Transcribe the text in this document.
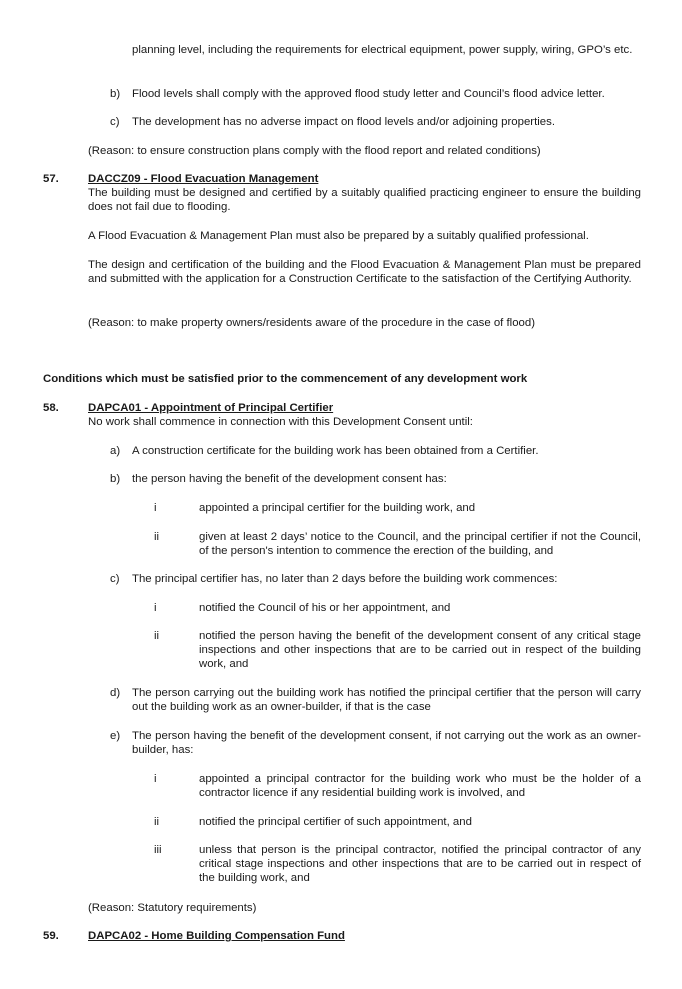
planning level, including the requirements for electrical equipment, power supply, wiring, GPO’s etc.

b) Flood levels shall comply with the approved flood study letter and Council’s flood advice letter.

c) The development has no adverse impact on flood levels and/or adjoining properties.

(Reason: to ensure construction plans comply with the flood report and related conditions)

57.	DACCZ09 - Flood Evacuation Management

The building must be designed and certified by a suitably qualified practicing engineer to ensure the building does not fail due to flooding.

A Flood Evacuation & Management Plan must also be prepared by a suitably qualified professional.

The design and certification of the building and the Flood Evacuation & Management Plan must be prepared and submitted with the application for a Construction Certificate to the satisfaction of the Certifying Authority.

(Reason: to make property owners/residents aware of the procedure in the case of flood)

Conditions which must be satisfied prior to the commencement of any development work

58.	DAPCA01 - Appointment of Principal Certifier

No work shall commence in connection with this Development Consent until:

a) A construction certificate for the building work has been obtained from a Certifier.

b) the person having the benefit of the development consent has:

i	appointed a principal certifier for the building work, and

ii	given at least 2 days’ notice to the Council, and the principal certifier if not the Council, of the person's intention to commence the erection of the building, and

c) The principal certifier has, no later than 2 days before the building work commences:

i	notified the Council of his or her appointment, and

ii	notified the person having the benefit of the development consent of any critical stage inspections and other inspections that are to be carried out in respect of the building work, and

d) The person carrying out the building work has notified the principal certifier that the person will carry out the building work as an owner-builder, if that is the case

e) The person having the benefit of the development consent, if not carrying out the work as an owner-builder, has:

i	appointed a principal contractor for the building work who must be the holder of a contractor licence if any residential building work is involved, and

ii	notified the principal certifier of such appointment, and

iii	unless that person is the principal contractor, notified the principal contractor of any critical stage inspections and other inspections that are to be carried out in respect of the building work, and

(Reason: Statutory requirements)

59.	DAPCA02 - Home Building Compensation Fund
